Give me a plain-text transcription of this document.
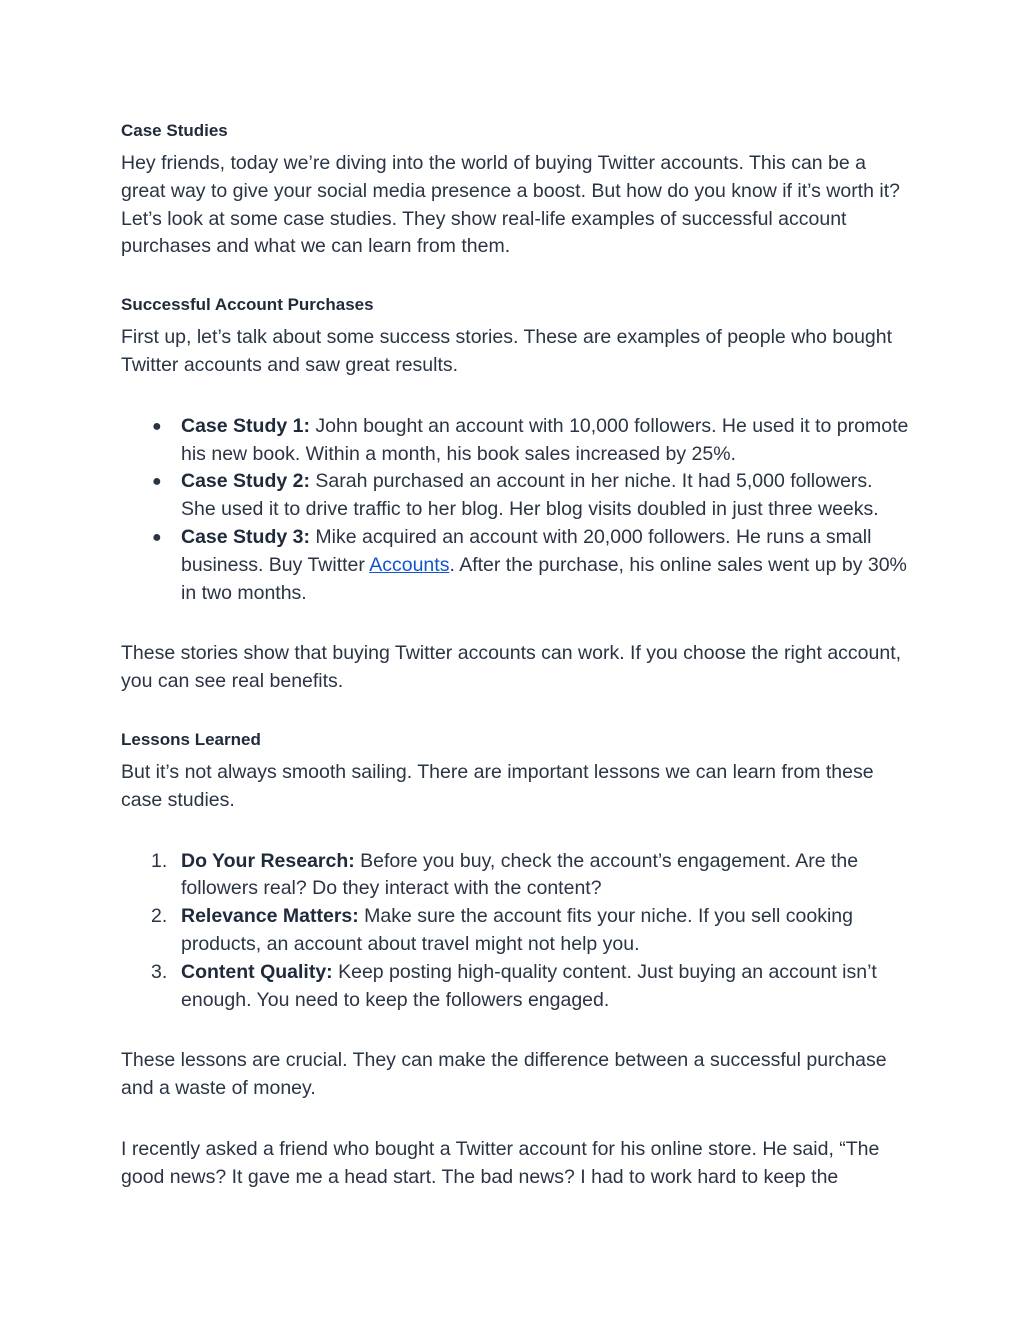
Case Studies

Hey friends, today we’re diving into the world of buying Twitter accounts. This can be a great way to give your social media presence a boost. But how do you know if it’s worth it? Let’s look at some case studies. They show real-life examples of successful account purchases and what we can learn from them.

Successful Account Purchases

First up, let’s talk about some success stories. These are examples of people who bought Twitter accounts and saw great results.

● Case Study 1: John bought an account with 10,000 followers. He used it to promote his new book. Within a month, his book sales increased by 25%.
● Case Study 2: Sarah purchased an account in her niche. It had 5,000 followers. She used it to drive traffic to her blog. Her blog visits doubled in just three weeks.
● Case Study 3: Mike acquired an account with 20,000 followers. He runs a small business. Buy Twitter Accounts. After the purchase, his online sales went up by 30% in two months.

These stories show that buying Twitter accounts can work. If you choose the right account, you can see real benefits.

Lessons Learned

But it’s not always smooth sailing. There are important lessons we can learn from these case studies.

1. Do Your Research: Before you buy, check the account’s engagement. Are the followers real? Do they interact with the content?
2. Relevance Matters: Make sure the account fits your niche. If you sell cooking products, an account about travel might not help you.
3. Content Quality: Keep posting high-quality content. Just buying an account isn’t enough. You need to keep the followers engaged.

These lessons are crucial. They can make the difference between a successful purchase and a waste of money.

I recently asked a friend who bought a Twitter account for his online store. He said, “The good news? It gave me a head start. The bad news? I had to work hard to keep the
